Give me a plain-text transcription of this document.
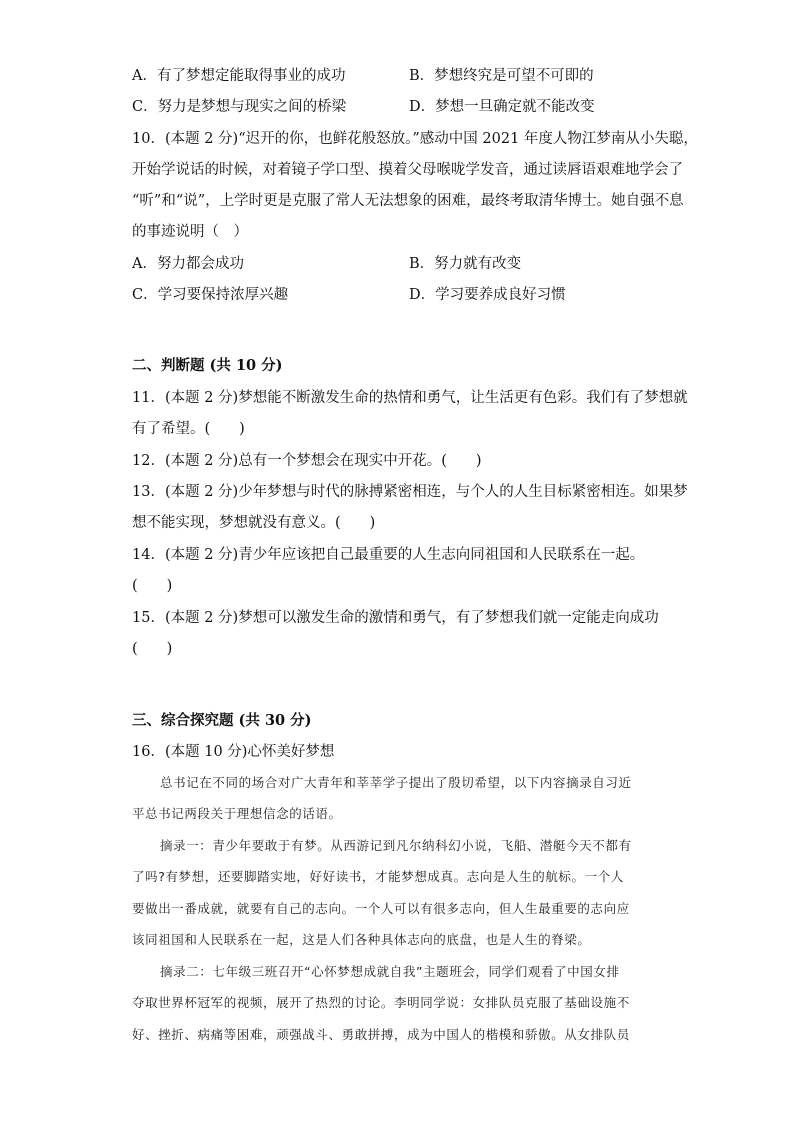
A．有了梦想定能取得事业的成功	B．梦想终究是可望不可即的
C．努力是梦想与现实之间的桥梁	D．梦想一旦确定就不能改变
10．(本题 2 分)“迟开的你，也鲜花般怒放。”感动中国 2021 年度人物江梦南从小失聪，
开始学说话的时候，对着镜子学口型、摸着父母喉咙学发音，通过读唇语艰难地学会了
“听”和“说”，上学时更是克服了常人无法想象的困难，最终考取清华博士。她自强不息
的事迹说明（　）
A．努力都会成功	B．努力就有改变
C．学习要保持浓厚兴趣	D．学习要养成良好习惯
二、判断题 (共 10 分)
11．(本题 2 分)梦想能不断激发生命的热情和勇气，让生活更有色彩。我们有了梦想就
有了希望。(　　)
12．(本题 2 分)总有一个梦想会在现实中开花。(　　)
13．(本题 2 分)少年梦想与时代的脉搏紧密相连，与个人的人生目标紧密相连。如果梦
想不能实现，梦想就没有意义。(　　)
14．(本题 2 分)青少年应该把自己最重要的人生志向同祖国和人民联系在一起。
(　　)
15．(本题 2 分)梦想可以激发生命的激情和勇气，有了梦想我们就一定能走向成功
(　　)
三、综合探究题 (共 30 分)
16．(本题 10 分)心怀美好梦想
总书记在不同的场合对广大青年和莘莘学子提出了殷切希望，以下内容摘录自习近
平总书记两段关于理想信念的话语。
摘录一：青少年要敢于有梦。从西游记到凡尔纳科幻小说，飞船、潜艇今天不都有
了吗?有梦想，还要脚踏实地，好好读书，才能梦想成真。志向是人生的航标。一个人
要做出一番成就，就要有自己的志向。一个人可以有很多志向，但人生最重要的志向应
该同祖国和人民联系在一起，这是人们各种具体志向的底盘，也是人生的脊梁。
摘录二：七年级三班召开“心怀梦想成就自我”主题班会，同学们观看了中国女排
夺取世界杯冠军的视频，展开了热烈的讨论。李明同学说：女排队员克服了基础设施不
好、挫折、病痛等困难，顽强战斗、勇敢拼搏，成为中国人的楷模和骄傲。从女排队员
